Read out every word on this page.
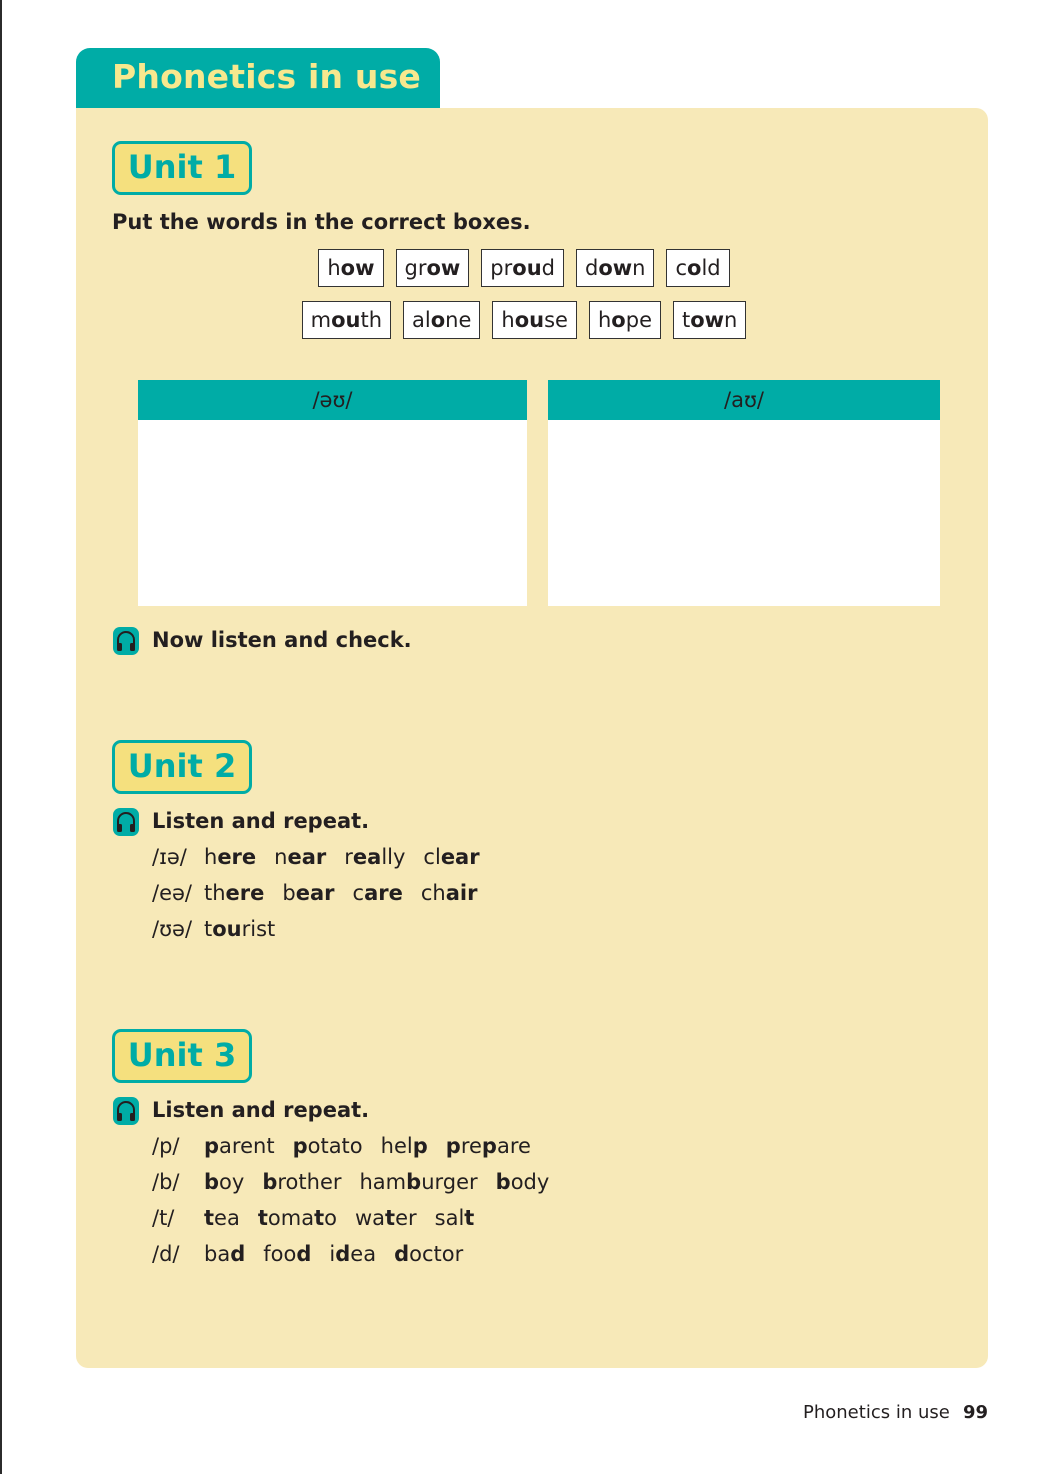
Phonetics in use
Unit 1
Put the words in the correct boxes.
how	grow	proud	down	cold
mouth	alone	house	hope	town
/əʊ/	/aʊ/
Now listen and check.
Unit 2
Listen and repeat.
/ɪə/ here near really clear
/eə/ there bear care chair
/ʊə/ tourist
Unit 3
Listen and repeat.
/p/ parent potato help prepare
/b/ boy brother hamburger body
/t/ tea tomato water salt
/d/ bad food idea doctor
Phonetics in use 99
